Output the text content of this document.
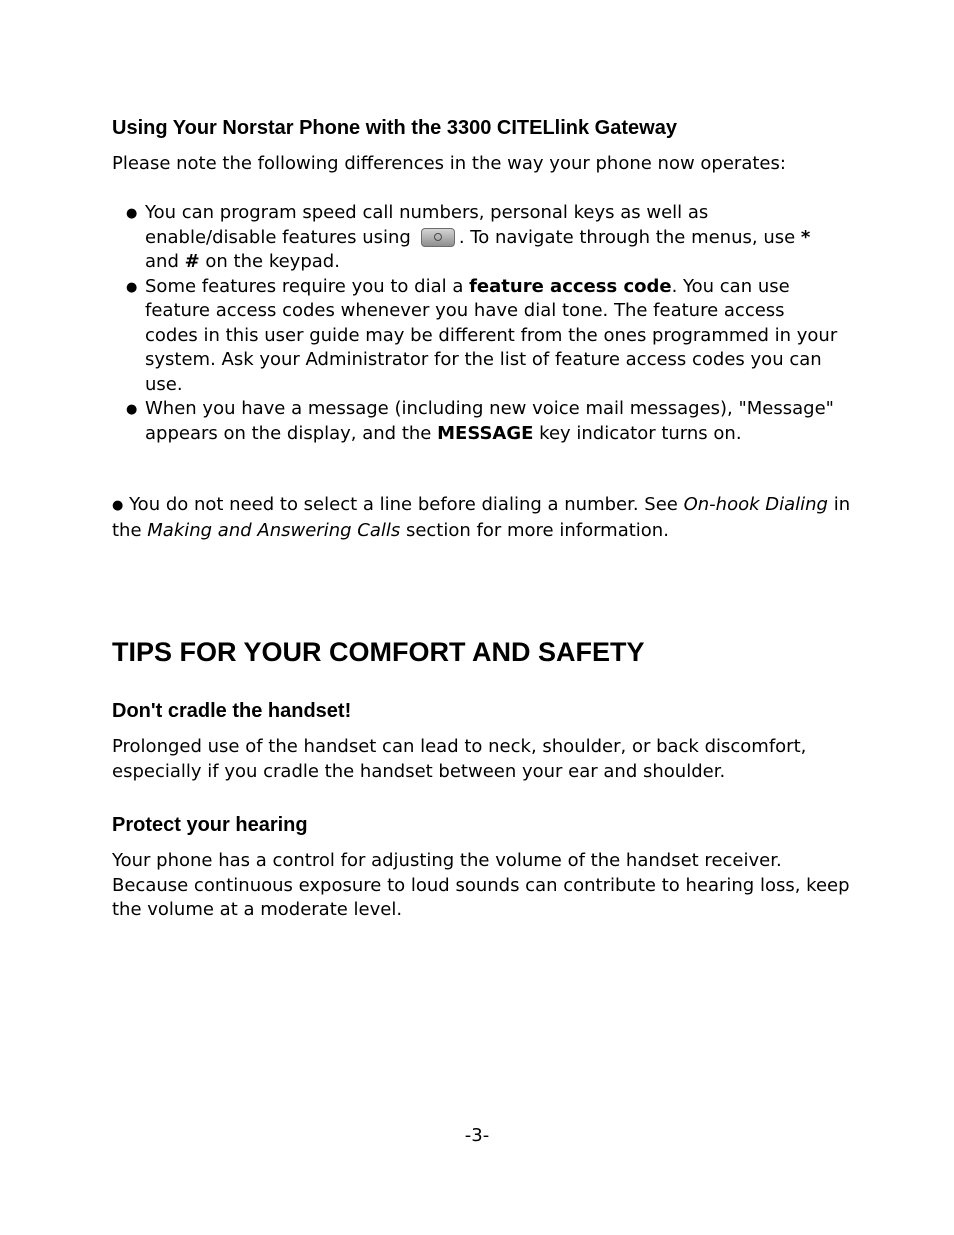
Using Your Norstar Phone with the 3300 CITELlink Gateway

Please note the following differences in the way your phone now operates:

● You can program speed call numbers, personal keys as well as enable/disable features using	. To navigate through the menus, use * and # on the keypad.
● Some features require you to dial a feature access code. You can use feature access codes whenever you have dial tone. The feature access codes in this user guide may be different from the ones programmed in your system. Ask your Administrator for the list of feature access codes you can use.
● When you have a message (including new voice mail messages), "Message" appears on the display, and the MESSAGE key indicator turns on.

● You do not need to select a line before dialing a number. See On-hook Dialing in the Making and Answering Calls section for more information.

TIPS FOR YOUR COMFORT AND SAFETY
Don't cradle the handset!

Prolonged use of the handset can lead to neck, shoulder, or back discomfort, especially if you cradle the handset between your ear and shoulder.

Protect your hearing

Your phone has a control for adjusting the volume of the handset receiver. Because continuous exposure to loud sounds can contribute to hearing loss, keep the volume at a moderate level.

-3-
